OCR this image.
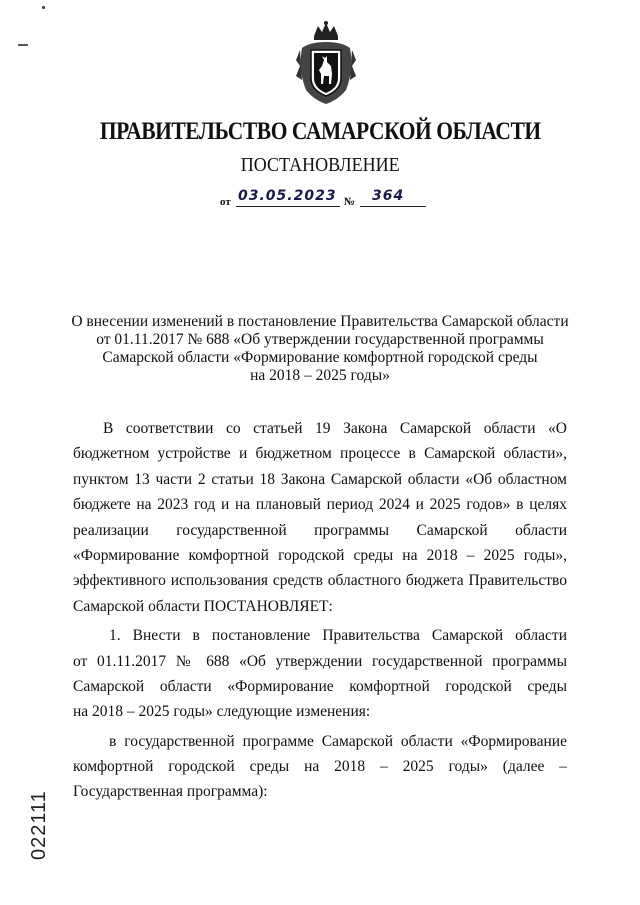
ПРАВИТЕЛЬСТВО САМАРСКОЙ ОБЛАСТИ
ПОСТАНОВЛЕНИЕ
от 03.05.2023 № 364
О внесении изменений в постановление Правительства Самарской области
от 01.11.2017 № 688 «Об утверждении государственной программы
Самарской области «Формирование комфортной городской среды
на 2018 – 2025 годы»
В соответствии со статьей 19 Закона Самарской области «О
бюджетном устройстве и бюджетном процессе в Самарской области»,
пунктом 13 части 2 статьи 18 Закона Самарской области «Об областном
бюджете на 2023 год и на плановый период 2024 и 2025 годов» в целях
реализации государственной программы Самарской области
«Формирование комфортной городской среды на 2018 – 2025 годы»,
эффективного использования средств областного бюджета Правительство
Самарской области ПОСТАНОВЛЯЕТ:
1. Внести в постановление Правительства Самарской области
от 01.11.2017 № 688 «Об утверждении государственной программы
Самарской области «Формирование комфортной городской среды
на 2018 – 2025 годы» следующие изменения:
в государственной программе Самарской области «Формирование
комфортной городской среды на 2018 – 2025 годы» (далее –
Государственная программа):
022111
